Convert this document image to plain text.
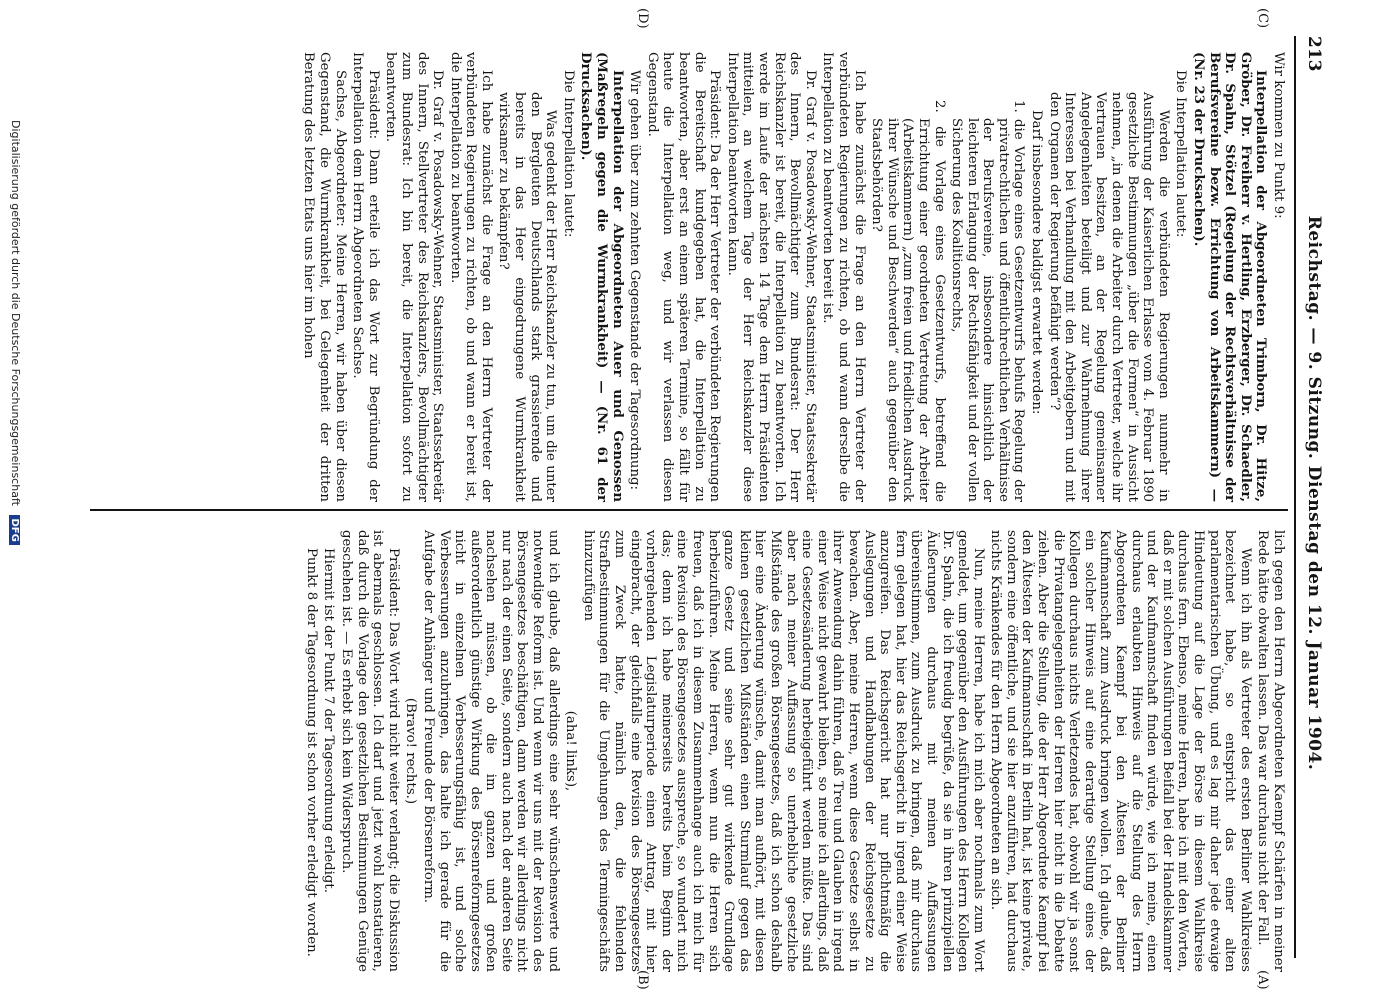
213
Reichstag. — 9. Sitzung. Dienstag den 12. Januar 1904.

Wir kommen zu Punkt 9:

Interpellation der Abgeordneten Trimborn, Dr. Hitze, Gröber, Dr. Freiherr v. Hertling, Erzberger, Dr. Schaedler, Dr. Spahn, Stötzel (Regelung der Rechtsverhältnisse der Berufsvereine bezw. Errichtung von Arbeitskammern) — (Nr. 23 der Drucksachen).

Die Interpellation lautet:

Werden die verbündeten Regierungen nunmehr in Ausführung der Kaiserlichen Erlasse vom 4. Februar 1890 gesetzliche Bestimmungen „über die Formen“ in Aussicht nehmen, „in denen die Arbeiter durch Vertreter, welche ihr Vertrauen besitzen, an der Regelung gemeinsamer Angelegenheiten beteiligt und zur Wahrnehmung ihrer Interessen bei Verhandlung mit den Arbeitgebern und mit den Organen der Regierung befähigt werden“?

Darf insbesondere baldigst erwartet werden:

1. die Vorlage eines Gesetzentwurfs behufs Regelung der privatrechtlichen und öffentlichrechtlichen Verhältnisse der Berufsvereine, insbesondere hinsichtlich der leichteren Erlangung der Rechtsfähigkeit und der vollen Sicherung des Koalitionsrechts,

2. die Vorlage eines Gesetzentwurfs, betreffend die Errichtung einer geordneten Vertretung der Arbeiter (Arbeitskammern) „zum freien und friedlichen Ausdruck ihrer Wünsche und Beschwerden“ auch gegenüber den Staatsbehörden?

Ich habe zunächst die Frage an den Herrn Vertreter der verbündeten Regierungen zu richten, ob und wann derselbe die Interpellation zu beantworten bereit ist.

Dr. Graf v. Posadowsky-Wehner, Staatsminister, Staatssekretär des Innern, Bevollmächtigter zum Bundesrat: Der Herr Reichskanzler ist bereit, die Interpellation zu beantworten. Ich werde im Laufe der nächsten 14 Tage dem Herrn Präsidenten mitteilen, an welchem Tage der Herr Reichskanzler diese Interpellation beantworten kann.

Präsident: Da der Herr Vertreter der verbündeten Regierungen die Bereitschaft kundgegeben hat, die Interpellation zu beantworten, aber erst an einem späteren Termine, so fällt für heute die Interpellation weg, und wir verlassen diesen Gegenstand.

Wir gehen über zum zehnten Gegenstande der Tagesordnung:

Interpellation der Abgeordneten Auer und Genossen (Maßregeln gegen die Wurmkrankheit) — (Nr. 61 der Drucksachen).

Die Interpellation lautet:

Was gedenkt der Herr Reichskanzler zu tun, um die unter den Bergleuten Deutschlands stark grassierende und bereits in das Heer eingedrungene Wurmkrankheit wirksamer zu bekämpfen?

Ich habe zunächst die Frage an den Herrn Vertreter der verbündeten Regierungen zu richten, ob und wann er bereit ist, die Interpellation zu beantworten.

Dr. Graf v. Posadowsky-Wehner, Staatsminister, Staatssekretär des Innern, Stellvertreter des Reichskanzlers, Bevollmächtigter zum Bundesrat: Ich bin bereit, die Interpellation sofort zu beantworten.

Präsident: Dann erteile ich das Wort zur Begründung der Interpellation dem Herrn Abgeordneten Sachse.

Sachse, Abgeordneter: Meine Herren, wir haben über diesen Gegenstand, die Wurmkrankheit, bei Gelegenheit der dritten Beratung des letzten Etats uns hier im hohen

lich gegen den Herrn Abgeordneten Kaempf Schärfen in meiner Rede hätte obwalten lassen. Das war durchaus nicht der Fall.

Wenn ich ihn als Vertreter des ersten Berliner Wahlkreises bezeichnet habe, so entspricht das einer alten parlamentarischen Übung, und es lag mir daher jede etwaige Hindeutung auf die Lage der Börse in diesem Wahlkreise durchaus fern. Ebenso, meine Herren, habe ich mit den Worten, daß er mit solchen Ausführungen Beifall bei der Handelskammer und der Kaufmannschaft finden würde, wie ich meine, einen durchaus erlaubten Hinweis auf die Stellung des Herrn Abgeordneten Kaempf bei den Ältesten der Berliner Kaufmannschaft zum Ausdruck bringen wollen. Ich glaube, daß ein solcher Hinweis auf eine derartige Stellung eines der Kollegen durchaus nichts Verletzendes hat, obwohl wir ja sonst die Privatangelegenheiten der Herren hier nicht in die Debatte ziehen. Aber die Stellung, die der Herr Abgeordnete Kaempf bei den Ältesten der Kaufmannschaft in Berlin hat, ist keine private, sondern eine öffentliche, und sie hier anzuführen, hat durchaus nichts Kränkendes für den Herrn Abgeordneten an sich.

Nun, meine Herren, habe ich mich aber nochmals zum Wort gemeldet, um gegenüber den Ausführungen des Herrn Kollegen Dr. Spahn, die ich freudig begrüße, da sie in ihren prinzipiellen Äußerungen durchaus mit meinen Auffassungen übereinstimmen, zum Ausdruck zu bringen, daß mir durchaus fern gelegen hat, hier das Reichsgericht in irgend einer Weise anzugreifen. Das Reichsgericht hat nur pflichtmäßig die Auslegungen und Handhabungen der Reichsgesetze zu bewachen. Aber, meine Herren, wenn diese Gesetze selbst in ihrer Anwendung dahin führen, daß Treu und Glauben in irgend einer Weise nicht gewahrt bleiben, so meine ich allerdings, daß eine Gesetzesänderung herbeigeführt werden müßte. Das sind aber nach meiner Auffassung so unerhebliche gesetzliche Mißstände des großen Börsengesetzes, daß ich schon deshalb hier eine Änderung wünsche, damit man aufhört, mit diesen kleinen gesetzlichen Mißständen einen Sturmlauf gegen das ganze Gesetz und seine sehr gut wirkende Grundlage herbeizuführen. Meine Herren, wenn nun die Herren sich freuen, daß ich in diesem Zusammenhange auch ich mich für eine Revision des Börsengesetzes ausspreche, so wundert mich das; denn ich habe meinerseits bereits beim Beginn der vorhergehenden Legislaturperiode einen Antrag, mit hier eingebracht, der gleichfalls eine Revision des Börsengesetzes zum Zweck hatte, nämlich den, die fehlenden Strafbestimmungen für die Umgehungen des Termingeschäfts hinzuzufügen

(aha! links),

und ich glaube, daß allerdings eine sehr wünschenswerte und notwendige Reform ist. Und wenn wir uns mit der Revision des Börsengesetzes beschäftigen, dann werden wir allerdings nicht nur nach der einen Seite, sondern auch nach der anderen Seite nachsehen müssen, ob die im ganzen und großen außerordentlich günstige Wirkung des Börsenreformgesetzes nicht in einzelnen Verbesserungsfähig ist, und solche Verbesserungen anzubringen, das halte ich gerade für die Aufgabe der Anhänger und Freunde der Börsenreform.

(Bravo! rechts.)

Präsident: Das Wort wird nicht weiter verlangt; die Diskussion ist abermals geschlossen. Ich darf und jetzt wohl konstatieren, daß durch die Vorlage den gesetzlichen Bestimmungen Genüge geschehen ist. — Es erhebt sich kein Widerspruch.

Hiermit ist der Punkt 7 der Tagesordnung erledigt.

Punkt 8 der Tagesordnung ist schon vorher erledigt worden.

(C)
(D)
(A)
(B)
Digitalisierung gefördert durch die Deutsche Forschungsgemeinschaft DFG
